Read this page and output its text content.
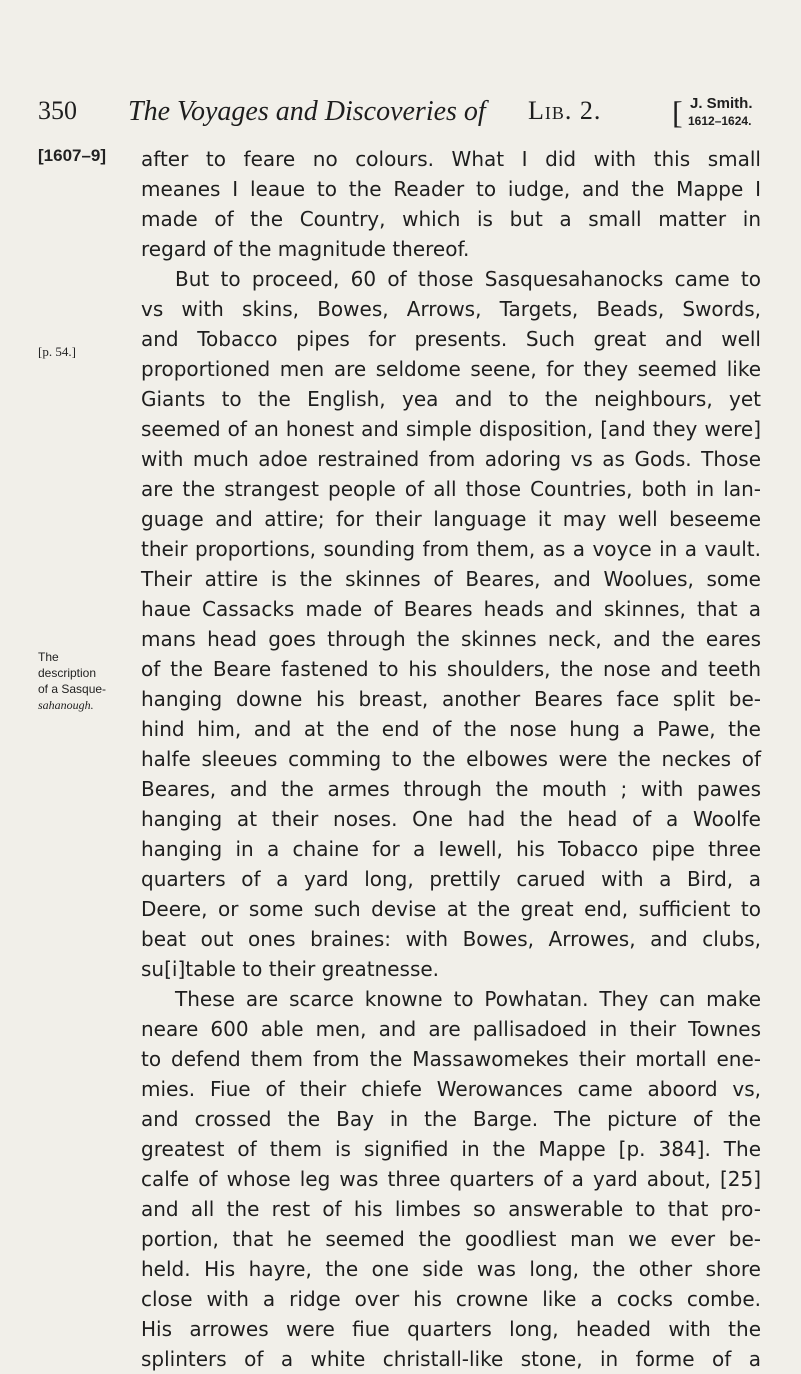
350 The Voyages and Discoveries of Lib. 2. [ J. Smith.
1612–1624.
[1607–9]
[p. 54.]
The
description
of a Sasque-
sahanough.
after to feare no colours. What I did with this small
meanes I leaue to the Reader to iudge, and the Mappe I
made of the Country, which is but a small matter in
regard of the magnitude thereof.
But to proceed, 60 of those Sasquesahanocks came to
vs with skins, Bowes, Arrows, Targets, Beads, Swords,
and Tobacco pipes for presents. Such great and well
proportioned men are seldome seene, for they seemed like
Giants to the English, yea and to the neighbours, yet
seemed of an honest and simple disposition, [and they were]
with much adoe restrained from adoring vs as Gods. Those
are the strangest people of all those Countries, both in lan-
guage and attire; for their language it may well beseeme
their proportions, sounding from them, as a voyce in a vault.
Their attire is the skinnes of Beares, and Woolues, some
haue Cassacks made of Beares heads and skinnes, that a
mans head goes through the skinnes neck, and the eares
of the Beare fastened to his shoulders, the nose and teeth
hanging downe his breast, another Beares face split be-
hind him, and at the end of the nose hung a Pawe, the
halfe sleeues comming to the elbowes were the neckes of
Beares, and the armes through the mouth ; with pawes
hanging at their noses. One had the head of a Woolfe
hanging in a chaine for a Iewell, his Tobacco pipe three
quarters of a yard long, prettily carued with a Bird, a
Deere, or some such devise at the great end, sufficient to
beat out ones braines: with Bowes, Arrowes, and clubs,
su[i]table to their greatnesse.
These are scarce knowne to Powhatan. They can make
neare 600 able men, and are pallisadoed in their Townes
to defend them from the Massawomekes their mortall ene-
mies. Fiue of their chiefe Werowances came aboord vs,
and crossed the Bay in the Barge. The picture of the
greatest of them is signified in the Mappe [p. 384]. The
calfe of whose leg was three quarters of a yard about, [25]
and all the rest of his limbes so answerable to that pro-
portion, that he seemed the goodliest man we ever be-
held. His hayre, the one side was long, the other shore
close with a ridge over his crowne like a cocks combe.
His arrowes were fiue quarters long, headed with the
splinters of a white christall-like stone, in forme of a
